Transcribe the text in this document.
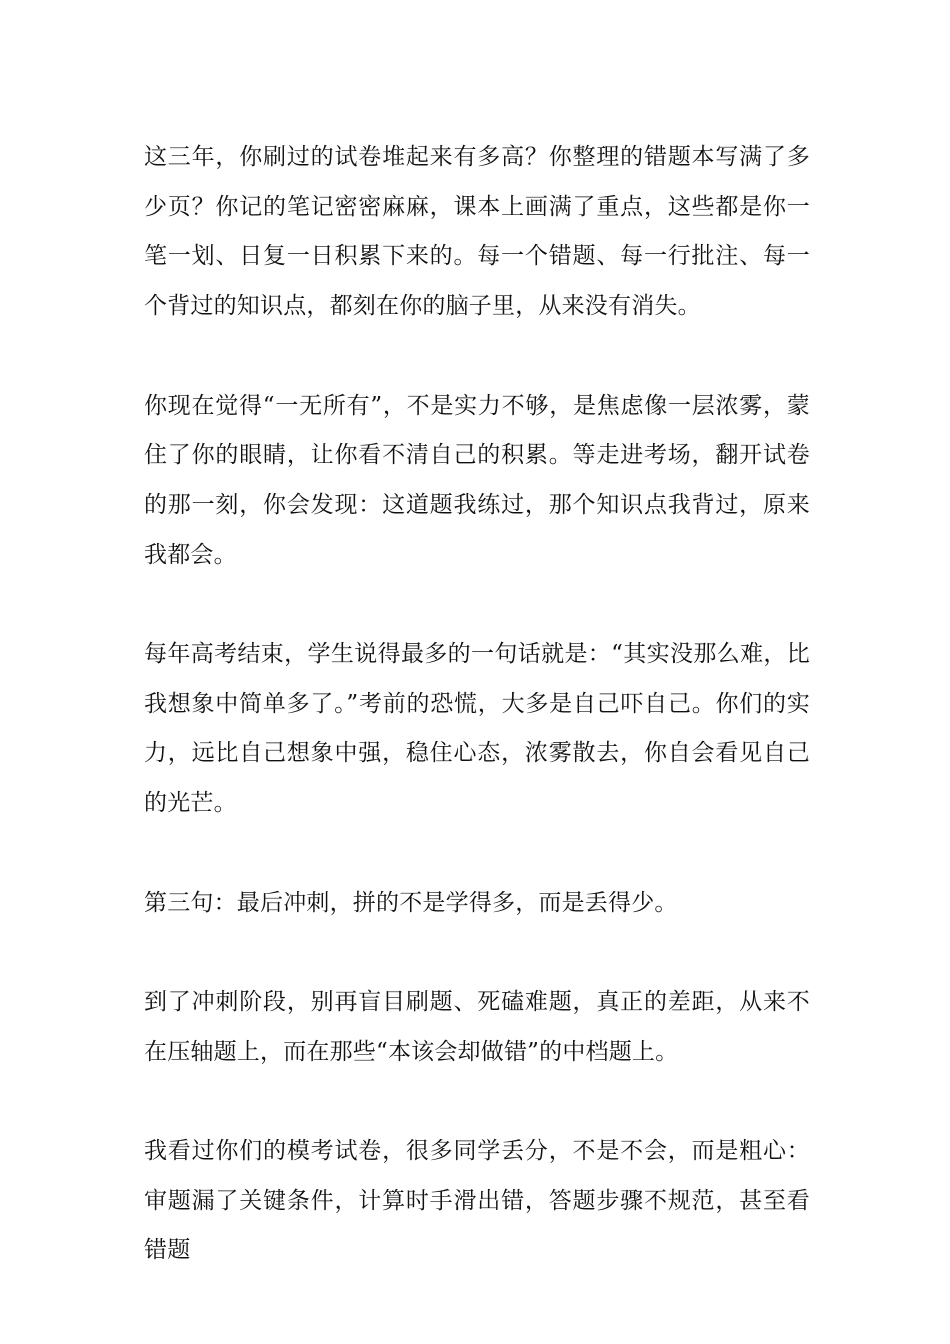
这三年，你刷过的试卷堆起来有多高？你整理的错题本写满了多少页？你记的笔记密密麻麻，课本上画满了重点，这些都是你一笔一划、日复一日积累下来的。每一个错题、每一行批注、每一个背过的知识点，都刻在你的脑子里，从来没有消失。

你现在觉得“一无所有”，不是实力不够，是焦虑像一层浓雾，蒙住了你的眼睛，让你看不清自己的积累。等走进考场，翻开试卷的那一刻，你会发现：这道题我练过，那个知识点我背过，原来我都会。

每年高考结束，学生说得最多的一句话就是：“其实没那么难，比我想象中简单多了。”考前的恐慌，大多是自己吓自己。你们的实力，远比自己想象中强，稳住心态，浓雾散去，你自会看见自己的光芒。

第三句：最后冲刺，拼的不是学得多，而是丢得少。

到了冲刺阶段，别再盲目刷题、死磕难题，真正的差距，从来不在压轴题上，而在那些“本该会却做错”的中档题上。

我看过你们的模考试卷，很多同学丢分，不是不会，而是粗心：审题漏了关键条件，计算时手滑出错，答题步骤不规范，甚至看错题
